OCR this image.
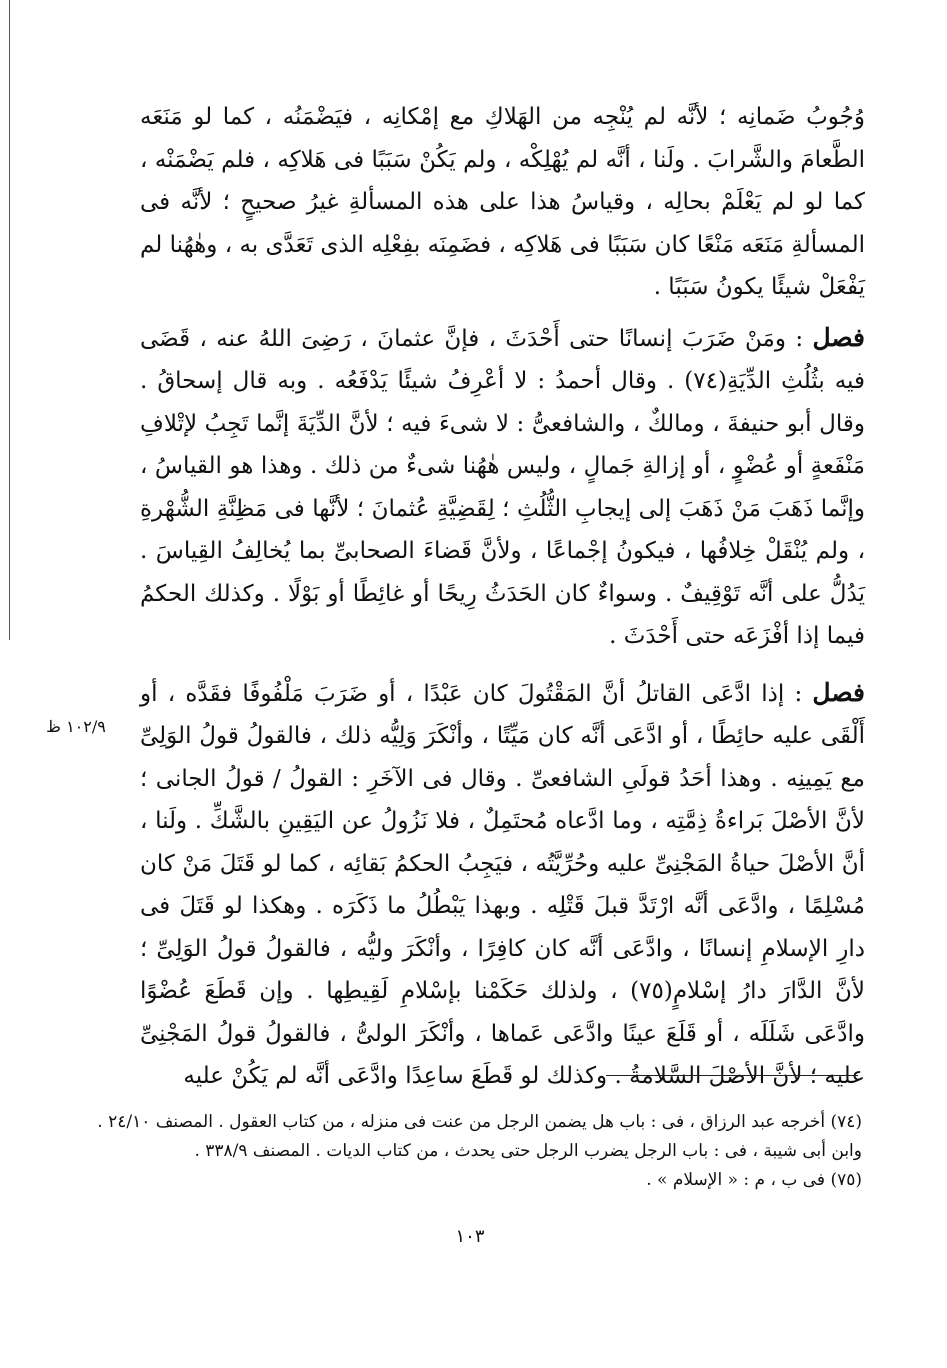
وُجُوبُ ضَمانِه ؛ لأنَّه لم يُنْجِه من الهَلاكِ مع إمْكانِه ، فيَضْمَنُه ، كما لو مَنَعَه الطَّعامَ والشَّرابَ . ولَنا ، أنَّه لم يُهْلِكْه ، ولم يَكُنْ سَبَبًا فى هَلاكِه ، فلم يَضْمَنْه ، كما لو لم يَعْلَمْ بحالِه ، وقياسُ هذا على هذه المسألةِ غيرُ صحيحٍ ؛ لأنَّه فى المسألةِ مَنَعَه مَنْعًا كان سَبَبًا فى هَلاكِه ، فضَمِنَه بفِعْلِه الذى تَعَدَّى به ، وهٰهُنا لم يَفْعَلْ شيئًا يكونُ سَبَبًا .

فصل : ومَنْ ضَرَبَ إنسانًا حتى أَحْدَثَ ، فإنَّ عثمانَ ، رَضِىَ اللهُ عنه ، قَضَى فيه بثُلُثِ الدِّيَةِ(٧٤) . وقال أحمدُ : لا أعْرِفُ شيئًا يَدْفَعُه . وبه قال إسحاقُ . وقال أبو حنيفةَ ، ومالكٌ ، والشافعىُّ : لا شىءَ فيه ؛ لأنَّ الدِّيَةَ إنَّما تَجِبُ لإتْلافِ مَنْفَعةٍ أو عُضْوٍ ، أو إزالةِ جَمالٍ ، وليس هٰهُنا شىءٌ من ذلك . وهذا هو القياسُ ، وإنَّما ذَهَبَ مَنْ ذَهَبَ إلى إيجابِ الثُّلُثِ ؛ لِقَضِيَّةِ عُثمانَ ؛ لأنَّها فى مَظِنَّةِ الشُّهْرةِ ، ولم يُنْقَلْ خِلافُها ، فيكونُ إجْماعًا ، ولأنَّ قَضاءَ الصحابىِّ بما يُخالِفُ القِياسَ . يَدُلُّ على أنَّه تَوْقِيفٌ . وسواءٌ كان الحَدَثُ رِيحًا أو غائِطًا أو بَوْلًا . وكذلك الحكمُ فيما إذا أفْزَعَه حتى أَحْدَثَ .

فصل : إذا ادَّعَى القاتلُ أنَّ المَقْتُولَ كان عَبْدًا ، أو ضَرَبَ مَلْفُوفًا فقَدَّه ، أو أَلْقَى عليه حائِطًا ، أو ادَّعَى أنَّه كان مَيِّتًا ، وأنْكَرَ وَلِيُّه ذلك ، فالقولُ قولُ الوَلِىِّ مع يَمِينِه . وهذا أحَدُ قولَىِ الشافعىِّ . وقال فى الآخَرِ : القولُ / قولُ الجانى ؛ لأنَّ الأصْلَ بَراءةُ ذِمَّتِه ، وما ادَّعاه مُحتَمِلٌ ، فلا نَزُولُ عن اليَقِينِ بالشَّكِّ . ولَنا ، أنَّ الأصْلَ حياةُ المَجْنِىِّ عليه وحُرِّيَّتُه ، فيَجِبُ الحكمُ بَقائِه ، كما لو قَتَلَ مَنْ كان مُسْلِمًا ، وادَّعَى أنَّه ارْتَدَّ قبلَ قَتْلِه . وبهذا يَبْطُلُ ما ذَكَرَه . وهكذا لو قَتَلَ فى دارِ الإسلامِ إنسانًا ، وادَّعَى أنَّه كان كافِرًا ، وأنْكَرَ وليُّه ، فالقولُ قولُ الوَلِىِّ ؛ لأنَّ الدَّارَ دارُ إسْلامٍ(٧٥) ، ولذلك حَكَمْنا بإسْلامِ لَقِيطِها . وإن قَطَعَ عُضْوًا وادَّعَى شَلَلَه ، أو قَلَعَ عينًا وادَّعَى عَماها ، وأنْكَرَ الولىُّ ، فالقولُ قولُ المَجْنِىِّ عليه ؛ لأنَّ الأصْلَ السَّلامةُ . وكذلك لو قَطَعَ ساعِدًا وادَّعَى أنَّه لم يَكُنْ عليه

١٠٢/٩ ظ

(٧٤) أخرجه عبد الرزاق ، فى : باب هل يضمن الرجل من عنت فى منزله ، من كتاب العقول . المصنف ٢٤/١٠ .

وابن أبى شيبة ، فى : باب الرجل يضرب الرجل حتى يحدث ، من كتاب الديات . المصنف ٣٣٨/٩ .

(٧٥) فى ب ، م : « الإسلام » .

١٠٣
